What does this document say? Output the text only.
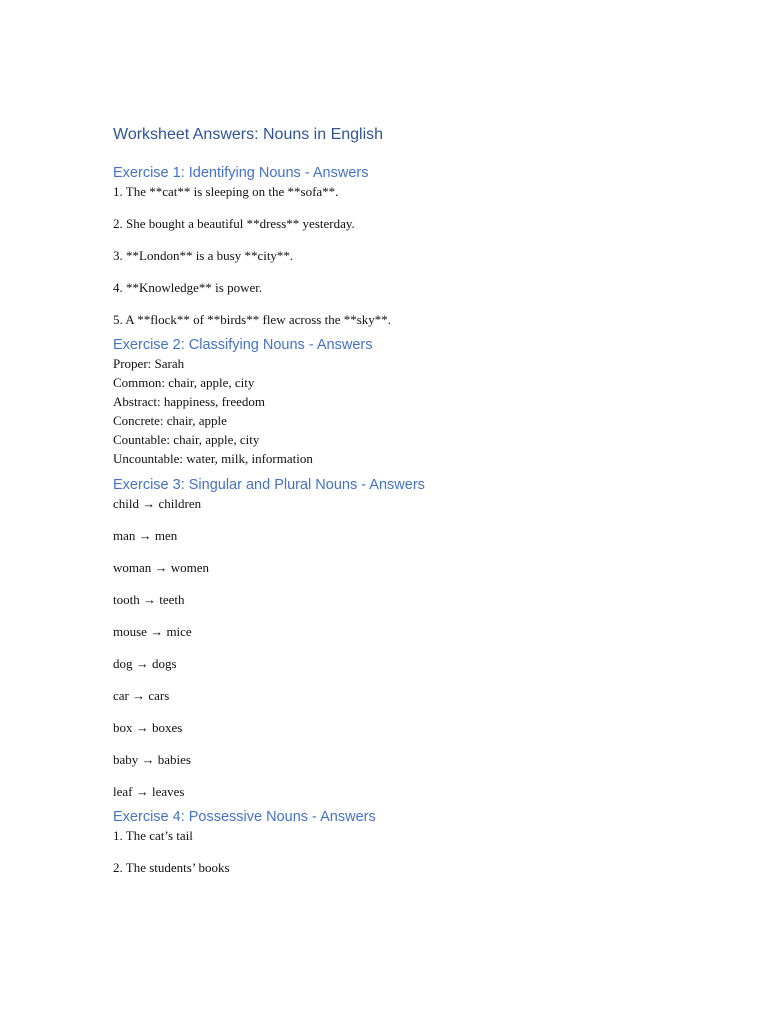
Worksheet Answers: Nouns in English
Exercise 1: Identifying Nouns - Answers

1. The **cat** is sleeping on the **sofa**.

2. She bought a beautiful **dress** yesterday.

3. **London** is a busy **city**.

4. **Knowledge** is power.

5. A **flock** of **birds** flew across the **sky**.

Exercise 2: Classifying Nouns - Answers

Proper: Sarah

Common: chair, apple, city

Abstract: happiness, freedom

Concrete: chair, apple

Countable: chair, apple, city

Uncountable: water, milk, information

Exercise 3: Singular and Plural Nouns - Answers

child → children

man → men

woman → women

tooth → teeth

mouse → mice

dog → dogs

car → cars

box → boxes

baby → babies

leaf → leaves

Exercise 4: Possessive Nouns - Answers

1. The cat’s tail

2. The students’ books
